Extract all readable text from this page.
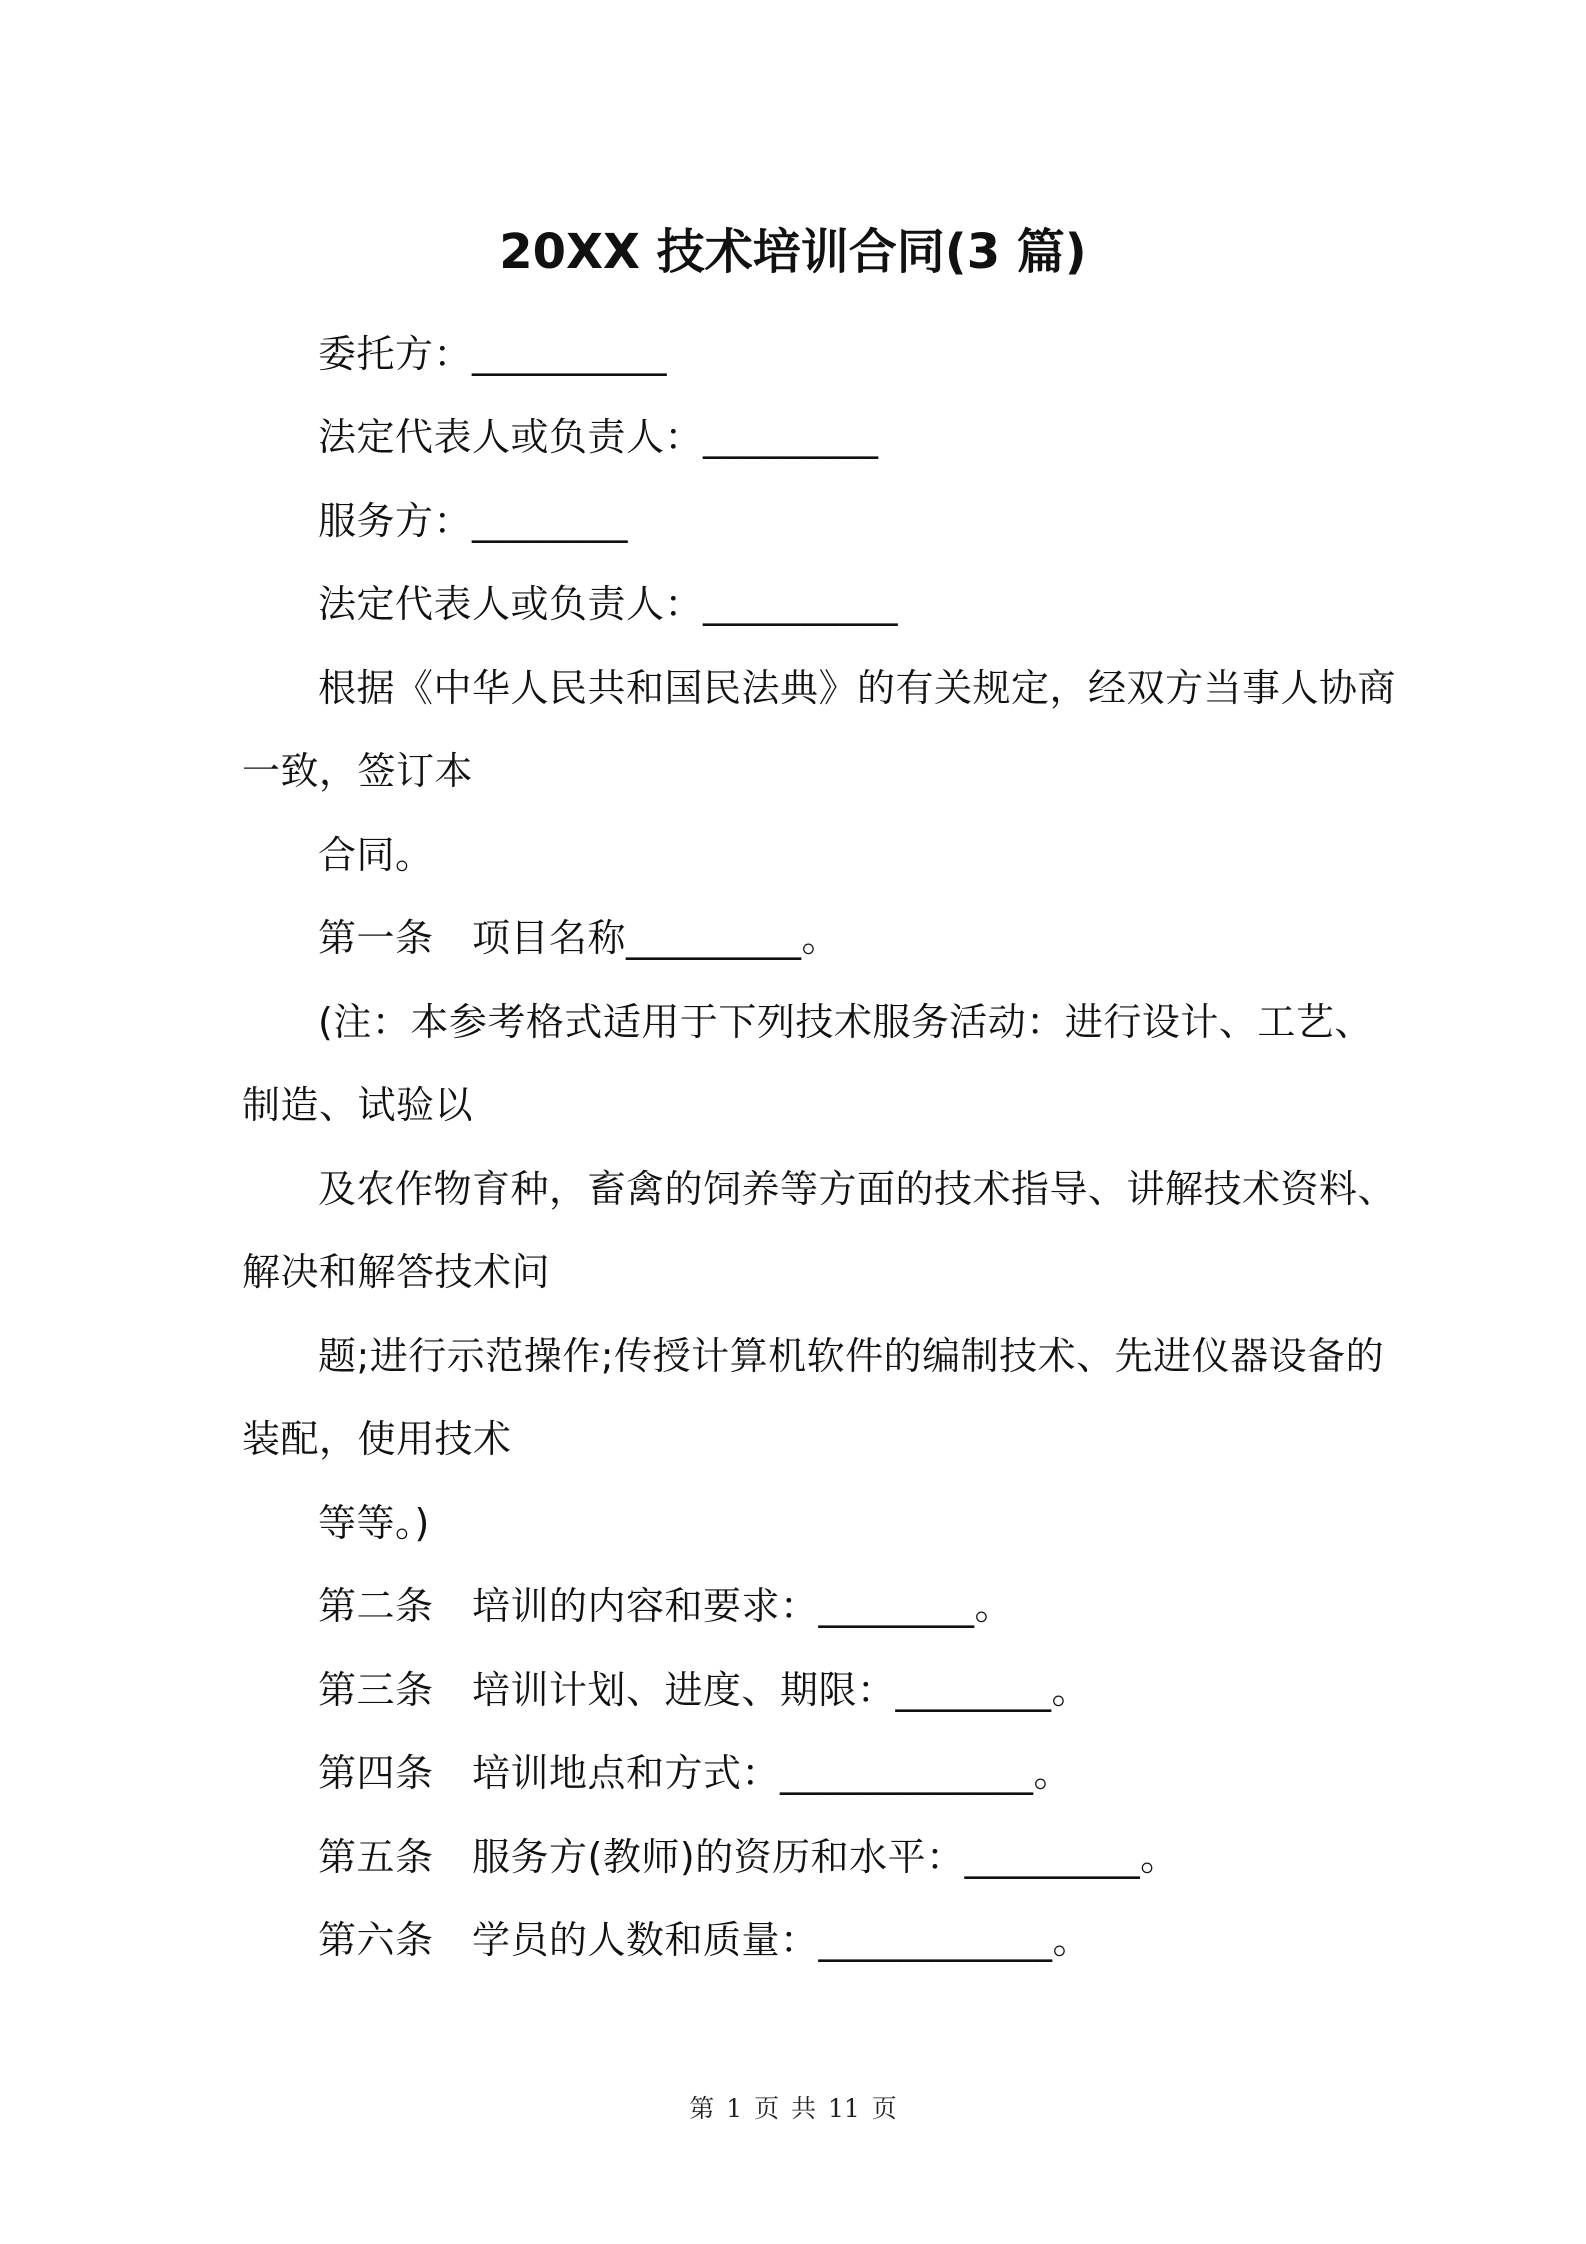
20XX 技术培训合同(3 篇)
委托方：__________
法定代表人或负责人：_________
服务方：________
法定代表人或负责人：__________
根据《中华人民共和国民法典》的有关规定，经双方当事人协商
一致，签订本
合同。
第一条　项目名称_________。
(注：本参考格式适用于下列技术服务活动：进行设计、工艺、
制造、试验以
及农作物育种，畜禽的饲养等方面的技术指导、讲解技术资料、
解决和解答技术问
题;进行示范操作;传授计算机软件的编制技术、先进仪器设备的
装配，使用技术
等等。)
第二条　培训的内容和要求：________。
第三条　培训计划、进度、期限：________。
第四条　培训地点和方式：_____________。
第五条　服务方(教师)的资历和水平：_________。
第六条　学员的人数和质量：____________。
第 1 页 共 11 页
